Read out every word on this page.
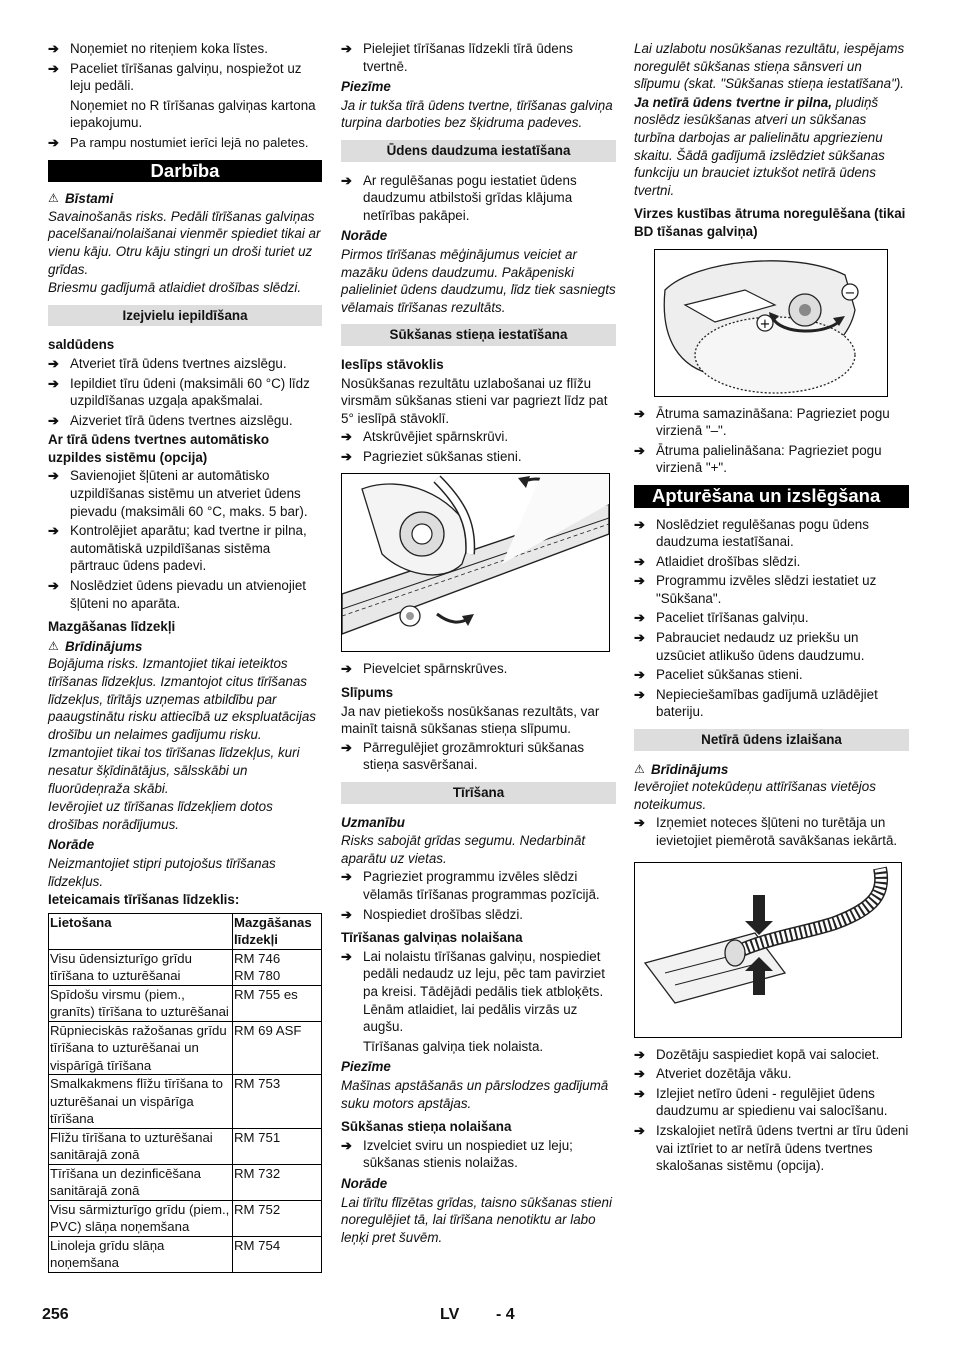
➔ Noņemiet no riteņiem koka līstes.
➔ Paceliet tīrīšanas galviņu, nospiežot uz leju pedāli.

Noņemiet no R tīrīšanas galviņas kartona iepakojumu.

➔ Pa rampu nostumiet ierīci lejā no paletes.
Darbība
⚠ Bīstami

Savainošanās risks. Pedāli tīrīšanas galviņas pacelšanai/nolaišanai vienmēr spiediet tikai ar vienu kāju. Otru kāju stingri un droši turiet uz grīdas.

Briesmu gadījumā atlaidiet drošības slēdzi.

Izejvielu iepildīšana

saldūdens

➔ Atveriet tīrā ūdens tvertnes aizslēgu.
➔ Iepildiet tīru ūdeni (maksimāli 60 °C) līdz uzpildīšanas uzgaļa apakšmalai.
➔ Aizveriet tīrā ūdens tvertnes aizslēgu.

Ar tīrā ūdens tvertnes automātisko uzpildes sistēmu (opcija)

➔ Savienojiet šļūteni ar automātisko uzpildīšanas sistēmu un atveriet ūdens pievadu (maksimāli 60 °C, maks. 5 bar).
➔ Kontrolējiet aparātu; kad tvertne ir pilna, automātiskā uzpildīšanas sistēma pārtrauc ūdens padevi.
➔ Noslēdziet ūdens pievadu un atvienojiet šļūteni no aparāta.

Mazgāšanas līdzekļi

⚠ Brīdinājums

Bojājuma risks. Izmantojiet tikai ieteiktos tīrīšanas līdzekļus. Izmantojot citus tīrīšanas līdzekļus, tīrītājs uzņemas atbildību par paaugstinātu risku attiecībā uz ekspluatācijas drošību un nelaimes gadījumu risku.

Izmantojiet tikai tos tīrīšanas līdzekļus, kuri nesatur šķīdinātājus, sālsskābi un fluorūdeņraža skābi.

Ievērojiet uz tīrīšanas līdzekļiem dotos drošības norādījumus.

Norāde

Neizmantojiet stipri putojošus tīrīšanas līdzekļus.

Ieteicamais tīrīšanas līdzeklis:

Lietošana	Mazgāšanas līdzekļi
Visu ūdensizturīgo grīdu tīrīšana to uzturēšanai	RM 746
RM 780
Spīdošu virsmu (piem., granīts) tīrīšana to uzturēšanai	RM 755 es
Rūpnieciskās ražošanas grīdu tīrīšana to uzturēšanai un vispārīgā tīrīšana	RM 69 ASF
Smalkakmens flīžu tīrīšana to uzturēšanai un vispārīga tīrīšana	RM 753
Flīžu tīrīšana to uzturēšanai sanitārajā zonā	RM 751
Tīrīšana un dezinficēšana sanitārajā zonā	RM 732
Visu sārmizturīgo grīdu (piem., PVC) slāņa noņemšana	RM 752
Linoleja grīdu slāņa noņemšana	RM 754
➔ Pielejiet tīrīšanas līdzekli tīrā ūdens tvertnē.

Piezīme

Ja ir tukša tīrā ūdens tvertne, tīrīšanas galviņa turpina darboties bez šķidruma padeves.

Ūdens daudzuma iestatīšana
➔ Ar regulēšanas pogu iestatiet ūdens daudzumu atbilstoši grīdas klājuma netīrības pakāpei.

Norāde

Pirmos tīrīšanas mēģinājumus veiciet ar mazāku ūdens daudzumu. Pakāpeniski palieliniet ūdens daudzumu, līdz tiek sasniegts vēlamais tīrīšanas rezultāts.

Sūkšanas stieņa iestatīšana

Ieslīps stāvoklis

Nosūkšanas rezultātu uzlabošanai uz flīžu virsmām sūkšanas stieni var pagriezt līdz pat 5° ieslīpā stāvoklī.

➔ Atskrūvējiet spārnskrūvi.
➔ Pagrieziet sūkšanas stieni.
➔ Pievelciet spārnskrūves.

Slīpums

Ja nav pietiekošs nosūkšanas rezultāts, var mainīt taisnā sūkšanas stieņa slīpumu.

➔ Pārregulējiet grozāmrokturi sūkšanas stieņa sasvēršanai.
Tīrīšana

Uzmanību

Risks sabojāt grīdas segumu. Nedarbināt aparātu uz vietas.

➔ Pagrieziet programmu izvēles slēdzi vēlamās tīrīšanas programmas pozīcijā.
➔ Nospiediet drošības slēdzi.

Tīrīšanas galviņas nolaišana

➔ Lai nolaistu tīrīšanas galviņu, nospiediet pedāli nedaudz uz leju, pēc tam pavirziet pa kreisi. Tādējādi pedālis tiek atbloķēts. Lēnām atlaidiet, lai pedālis virzās uz augšu.

Tīrīšanas galviņa tiek nolaista.

Piezīme

Mašīnas apstāšanās un pārslodzes gadījumā suku motors apstājas.

Sūkšanas stieņa nolaišana

➔ Izvelciet sviru un nospiediet uz leju; sūkšanas stienis nolaižas.

Norāde

Lai tīrītu flīzētas grīdas, taisno sūkšanas stieni noregulējiet tā, lai tīrīšana nenotiktu ar labo leņķi pret šuvēm.

Lai uzlabotu nosūkšanas rezultātu, iespējams noregulēt sūkšanas stieņa sānsveri un slīpumu (skat. "Sūkšanas stieņa iestatīšana").

Ja netīrā ūdens tvertne ir pilna, pludiņš noslēdz iesūkšanas atveri un sūkšanas turbīna darbojas ar palielinātu apgriezienu skaitu. Šādā gadījumā izslēdziet sūkšanas funkciju un brauciet iztukšot netīrā ūdens tvertni.

Virzes kustības ātruma noregulēšana (tikai BD tīšanas galviņa)

+
−
➔ Ātruma samazināšana: Pagrieziet pogu virzienā "–".
➔ Ātruma palielināšana: Pagrieziet pogu virzienā "+".
Apturēšana un izslēgšana
➔ Noslēdziet regulēšanas pogu ūdens daudzuma iestatīšanai.
➔ Atlaidiet drošības slēdzi.
➔ Programmu izvēles slēdzi iestatiet uz "Sūkšana".
➔ Paceliet tīrīšanas galviņu.
➔ Pabrauciet nedaudz uz priekšu un uzsūciet atlikušo ūdens daudzumu.
➔ Paceliet sūkšanas stieni.
➔ Nepieciešamības gadījumā uzlādējiet bateriju.
Netīrā ūdens izlaišana
⚠ Brīdinājums

Ievērojiet notekūdeņu attīrīšanas vietējos noteikumus.

➔ Izņemiet noteces šļūteni no turētāja un ievietojiet piemērotā savākšanas iekārtā.
➔ Dozētāju saspiediet kopā vai salociet.
➔ Atveriet dozētāja vāku.
➔ Izlejiet netīro ūdeni - regulējiet ūdens daudzumu ar spiedienu vai salocīšanu.
➔ Izskalojiet netīrā ūdens tvertni ar tīru ūdeni vai iztīriet to ar netīrā ūdens tvertnes skalošanas sistēmu (opcija).
256	LV - 4
